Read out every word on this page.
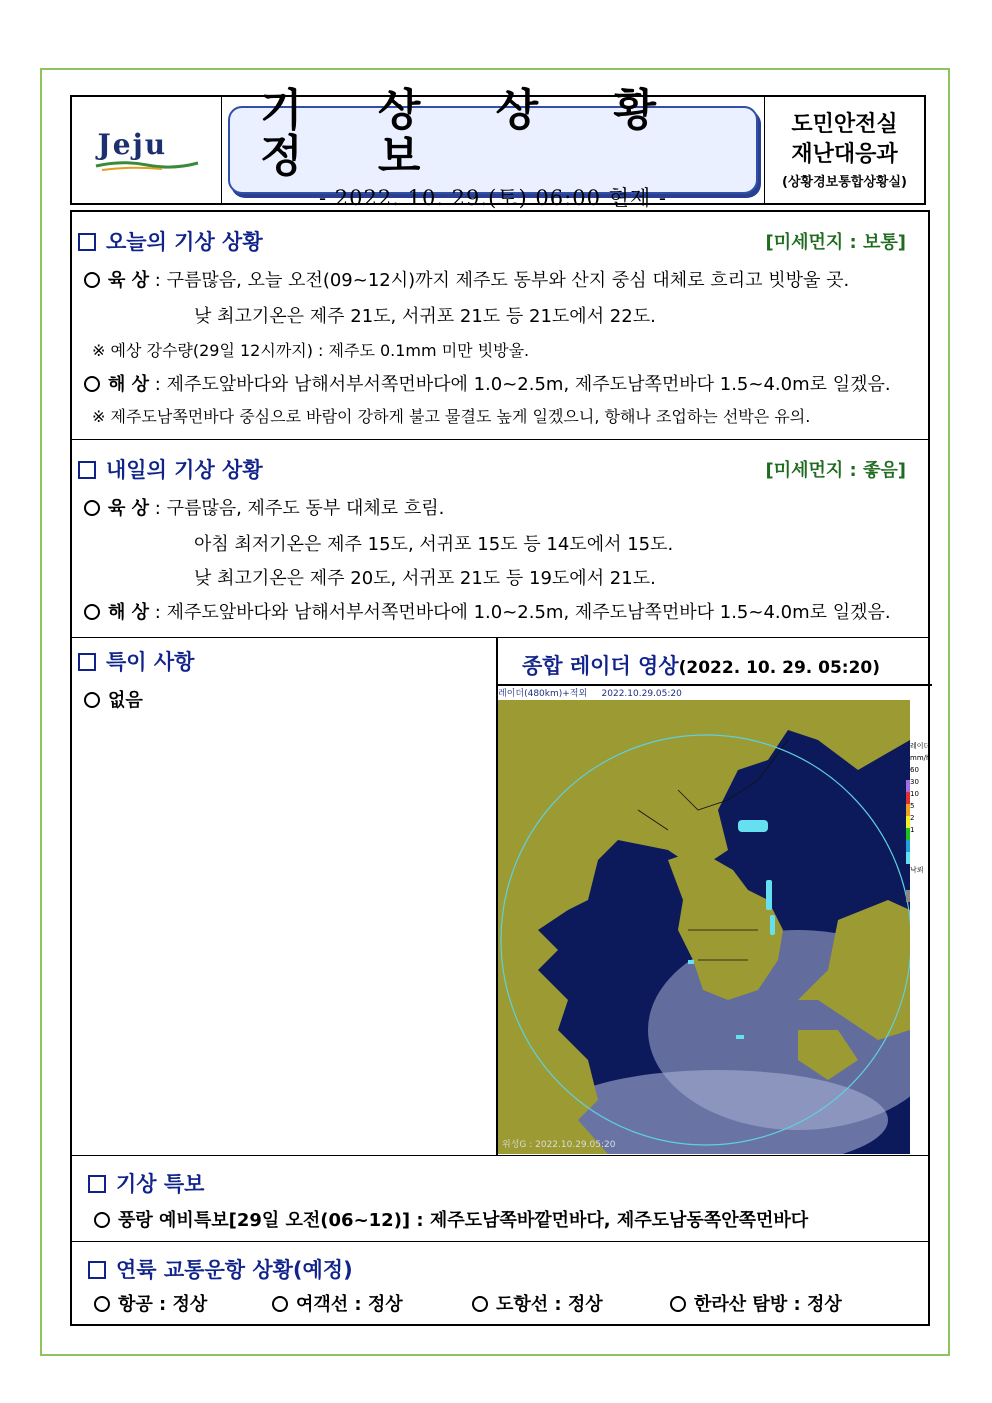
Jeju
기 상 상 황 정 보
- 2022. 10. 29.(토) 06:00 현제 -
도민안전실
재난대응과
(상황경보통합상황실)
오늘의 기상 상황	[미세먼지 : 보통]
육 상 : 구름많음, 오늘 오전(09~12시)까지 제주도 동부와 산지 중심 대체로 흐리고 빗방울 곳.
낮 최고기온은 제주 21도, 서귀포 21도 등 21도에서 22도.
※ 예상 강수량(29일 12시까지) : 제주도 0.1mm 미만 빗방울.
해 상 : 제주도앞바다와 남해서부서쪽먼바다에 1.0~2.5m, 제주도남쪽먼바다 1.5~4.0m로 일겠음.
※ 제주도남쪽먼바다 중심으로 바람이 강하게 불고 물결도 높게 일겠으니, 항해나 조업하는 선박은 유의.
내일의 기상 상황	[미세먼지 : 좋음]
육 상 : 구름많음, 제주도 동부 대체로 흐림.
아침 최저기온은 제주 15도, 서귀포 15도 등 14도에서 15도.
낮 최고기온은 제주 20도, 서귀포 21도 등 19도에서 21도.
해 상 : 제주도앞바다와 남해서부서쪽먼바다에 1.0~2.5m, 제주도남쪽먼바다 1.5~4.0m로 일겠음.
특이 사항
없음
종합 레이더 영상(2022. 10. 29. 05:20)
레이더(480km)+적외 2022.10.29.05:20
위성G : 2022.10.29.05:20
레이더
mm/h
60
30
10
5
2
1
낙뢰
기상 특보
풍랑 예비특보[29일 오전(06~12)] : 제주도남쪽바깥먼바다, 제주도남동쪽안쪽먼바다
연륙 교통운항 상황(예정)
항공 : 정상	여객선 : 정상	도항선 : 정상	한라산 탐방 : 정상
